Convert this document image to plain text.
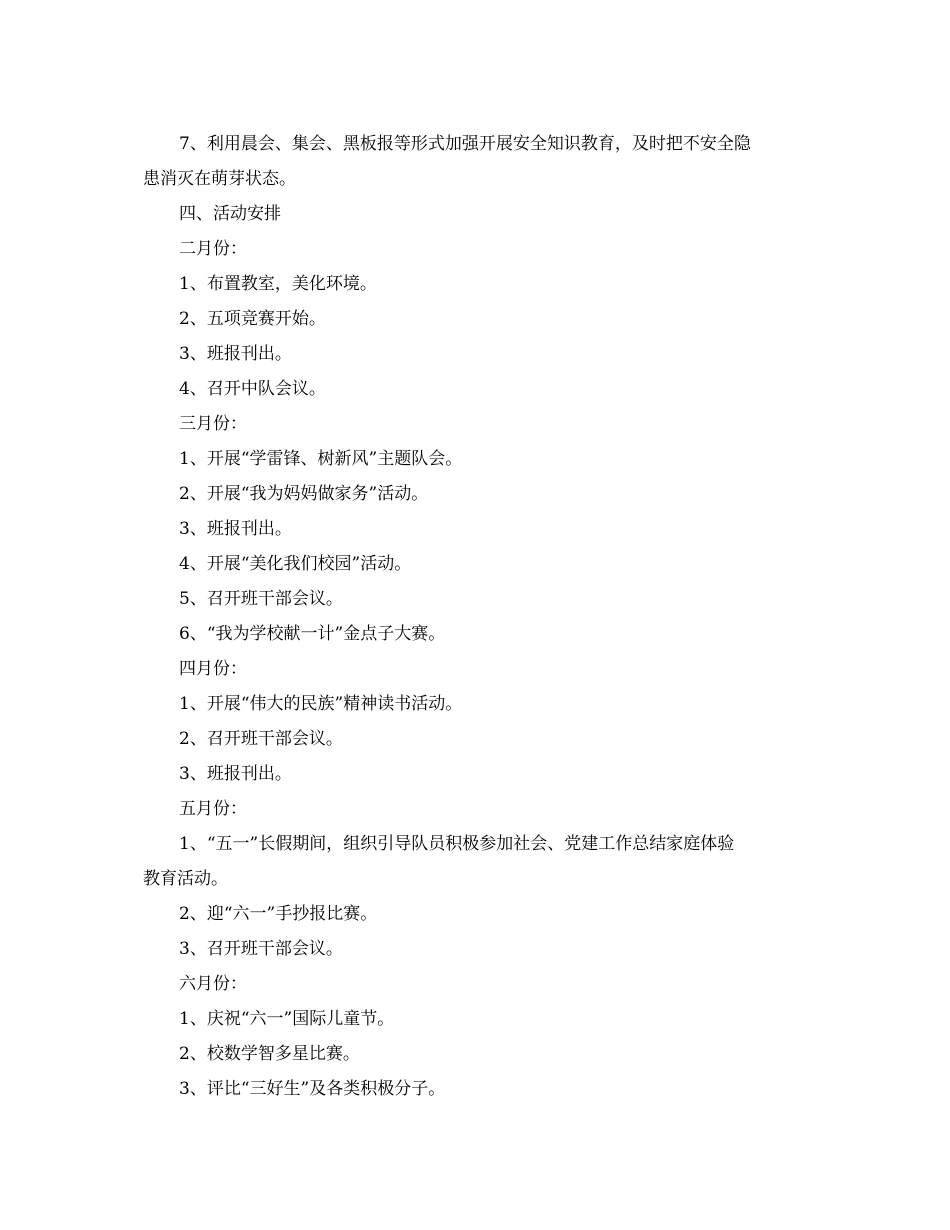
7、利用晨会、集会、黑板报等形式加强开展安全知识教育，及时把不安全隐
患消灭在萌芽状态。
四、活动安排
二月份：
1、布置教室，美化环境。
2、五项竞赛开始。
3、班报刊出。
4、召开中队会议。
三月份：
1、开展“学雷锋、树新风”主题队会。
2、开展“我为妈妈做家务”活动。
3、班报刊出。
4、开展“美化我们校园”活动。
5、召开班干部会议。
6、“我为学校献一计”金点子大赛。
四月份：
1、开展“伟大的民族”精神读书活动。
2、召开班干部会议。
3、班报刊出。
五月份：
1、“五一”长假期间，组织引导队员积极参加社会、党建工作总结家庭体验
教育活动。
2、迎“六一”手抄报比赛。
3、召开班干部会议。
六月份：
1、庆祝“六一”国际儿童节。
2、校数学智多星比赛。
3、评比“三好生”及各类积极分子。
